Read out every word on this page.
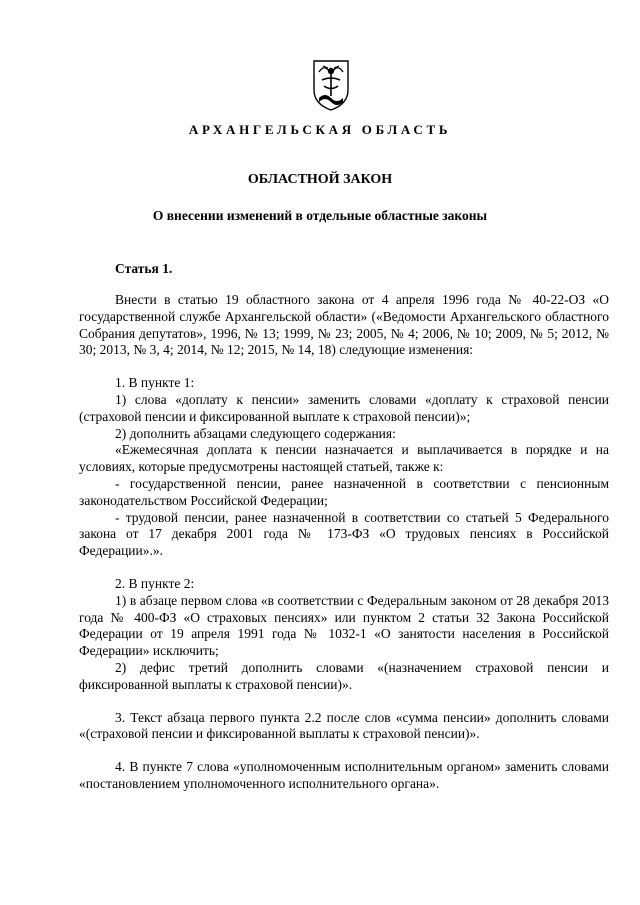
АРХАНГЕЛЬСКАЯ ОБЛАСТЬ
ОБЛАСТНОЙ ЗАКОН
О внесении изменений в отдельные областные законы
Статья 1.

Внести в статью 19 областного закона от 4 апреля 1996 года № 40-22-ОЗ «О государственной службе Архангельской области» («Ведомости Архангельского областного Собрания депутатов», 1996, № 13; 1999, № 23; 2005, № 4; 2006, № 10; 2009, № 5; 2012, № 30; 2013, № 3, 4; 2014, № 12; 2015, № 14, 18) следующие изменения:

1. В пункте 1:

1) слова «доплату к пенсии» заменить словами «доплату к страховой пенсии (страховой пенсии и фиксированной выплате к страховой пенсии)»;

2) дополнить абзацами следующего содержания:

«Ежемесячная доплата к пенсии назначается и выплачивается в порядке и на условиях, которые предусмотрены настоящей статьей, также к:

- государственной пенсии, ранее назначенной в соответствии с пенсионным законодательством Российской Федерации;

- трудовой пенсии, ранее назначенной в соответствии со статьей 5 Федерального закона от 17 декабря 2001 года № 173-ФЗ «О трудовых пенсиях в Российской Федерации».».

2. В пункте 2:

1) в абзаце первом слова «в соответствии с Федеральным законом от 28 декабря 2013 года № 400-ФЗ «О страховых пенсиях» или пунктом 2 статьи 32 Закона Российской Федерации от 19 апреля 1991 года № 1032-1 «О занятости населения в Российской Федерации» исключить;

2) дефис третий дополнить словами «(назначением страховой пенсии и фиксированной выплаты к страховой пенсии)».

3. Текст абзаца первого пункта 2.2 после слов «сумма пенсии» дополнить словами «(страховой пенсии и фиксированной выплаты к страховой пенсии)».

4. В пункте 7 слова «уполномоченным исполнительным органом» заменить словами «постановлением уполномоченного исполнительного органа».
